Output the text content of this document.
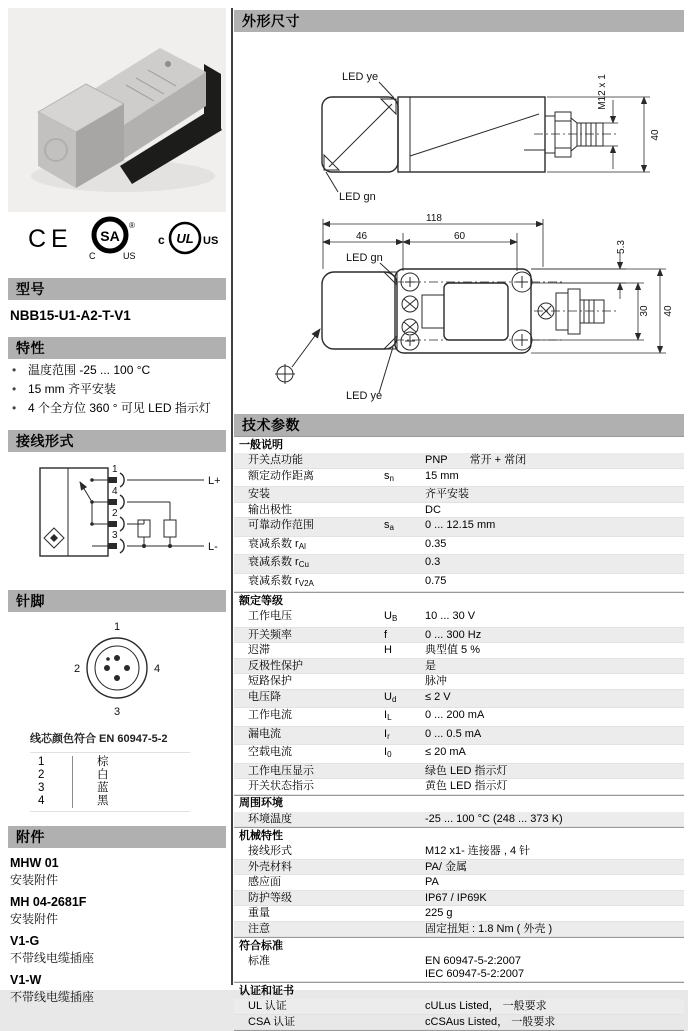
CE SA
®
C	US
UL
c	US
型号
NBB15-U1-A2-T-V1
特性
• 温度范围 -25 ... 100 °C
• 15 mm 齐平安装
• 4 个全方位 360 ° 可见 LED 指示灯
接线形式
1
4
2
3
L+
L-
针脚
1
2
3
4
线芯颜色符合 EN 60947-5-2
1	棕
2	白
3	蓝
4	黑
附件
MHW 01
安装附件
MH 04-2681F
安装附件
V1-G
不带线电缆插座
V1-W
不带线电缆插座
外形尺寸
M12 x 1
40
LED ye
LED gn
118
46	60
5.3
30 40
LED gn
LED ye
技术参数
一般说明
开关点功能	PNP 常开 + 常闭
额定动作距离	$s_n$	15 mm
安装	齐平安装
输出极性	DC
可靠动作范围	$s_a$	0 ... 12.15 mm
衰减系数 $r_{Al}$	0.35
衰减系数 $r_{Cu}$	0.3
衰减系数 $r_{V2A}$	0.75
额定等级
工作电压	$U_B$	10 ... 30 V
开关频率	f	0 ... 300 Hz
迟滞	H	典型值 5 %
反极性保护	是
短路保护	脉冲
电压降	$U_d$	≤ 2 V
工作电流	$I_L$	0 ... 200 mA
漏电流	$I_r$	0 ... 0.5 mA
空载电流	$I_0$	≤ 20 mA
工作电压显示	绿色 LED 指示灯
开关状态指示	黄色 LED 指示灯
周围环境
环境温度	-25 ... 100 °C (248 ... 373 K)
机械特性
接线形式	M12 x1- 连接器 , 4 针
外壳材料	PA/ 金属
感应面	PA
防护等级	IP67 / IP69K
重量	225 g
注意	固定扭矩 : 1.8 Nm ( 外壳 )
符合标准
标准	EN 60947-5-2:2007
IEC 60947-5-2:2007
认证和证书
UL 认证	cULus Listed， 一般要求
CSA 认证	cCSAus Listed， 一般要求
